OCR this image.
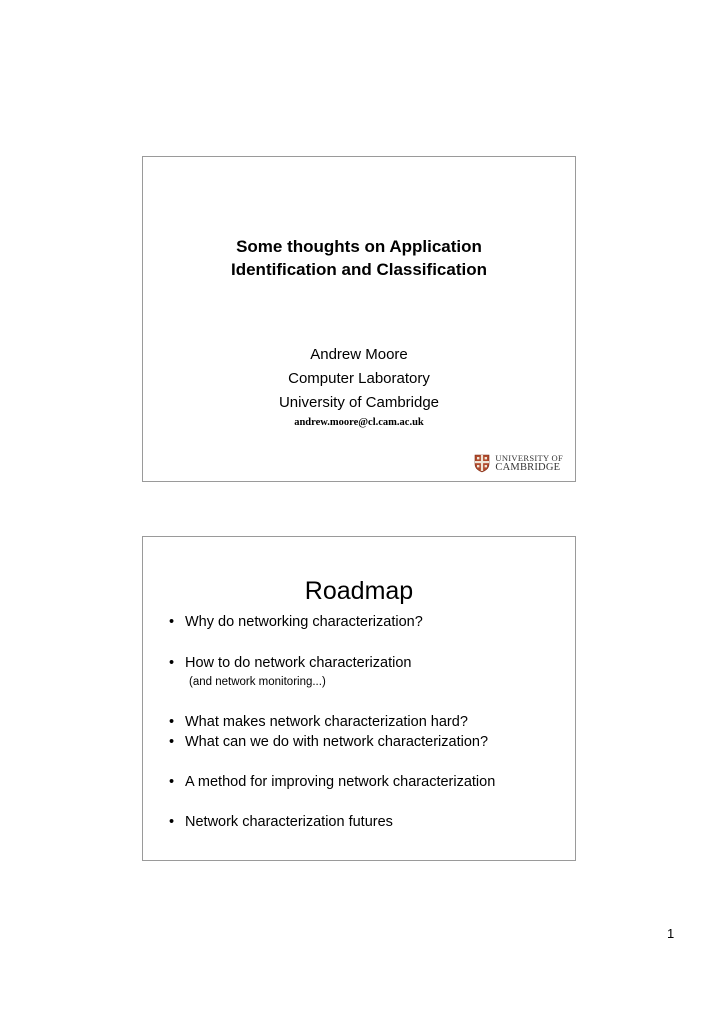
Some thoughts on Application
Identification and Classification
Andrew Moore
Computer Laboratory
University of Cambridge
andrew.moore@cl.cam.ac.uk
UNIVERSITY OF
CAMBRIDGE
Roadmap
• Why do networking characterization?
• How to do network characterization
(and network monitoring...)
• What makes network characterization hard?
• What can we do with network characterization?
• A method for improving network characterization
• Network characterization futures
1
